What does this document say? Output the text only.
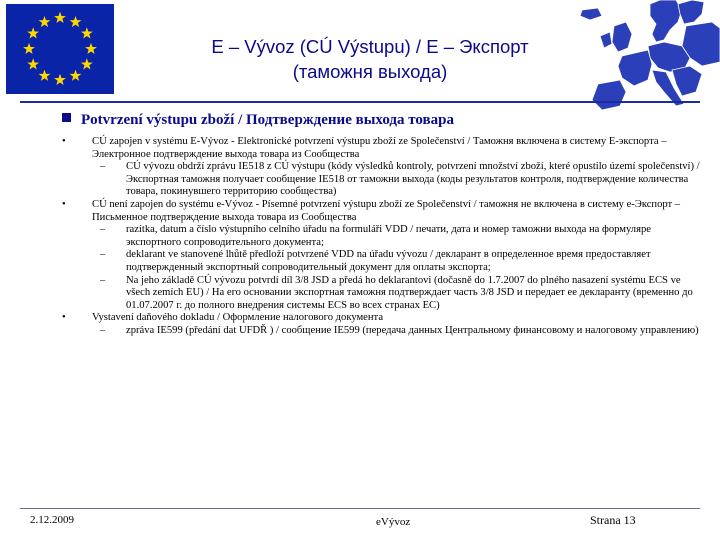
E – Vývoz (CÚ Výstupu) / E – Экспорт
(таможня выхода)
Potvrzení výstupu zboží / Подтверждение выхода товара

• CÚ zapojen v systému E-Vývoz - Elektronické potvrzení výstupu zboží ze Společenství / Таможня включена в систему Е-экспорта – Электронное подтверждение выхода товара из Сообщества

– CÚ vývozu obdrží zprávu IE518 z CÚ výstupu (kódy výsledků kontroly, potvrzení množství zboží, které opustilo území společenství) / Экспортная таможня получает сообщение IE518 от таможни выхода (коды результатов контроля, подтверждение количества товара, покинувшего территорию сообщества)

• CÚ není zapojen do systému e-Vývoz - Písemné potvrzení výstupu zboží ze Společenství / таможня не включена в систему е-Экспорт – Письменное подтверждение выхода товара из Сообщества

– razítka, datum a číslo výstupního celního úřadu na formuláři VDD / печати, дата и номер таможни выхода на формуляре экспортного сопроводительного документа;

– deklarant ve stanovené lhůtě předloží potvrzené VDD na úřadu vývozu / декларант в определенное время предоставляет подтвержденный экспортный сопроводительный документ для оплаты экспорта;

– Na jeho základě CÚ vývozu potvrdí díl 3/8 JSD a předá ho deklarantovi (dočasně do 1.7.2007 do plného nasazení systému ECS ve všech zemích EU) / На его основании экспортная таможня подтверждает часть 3/8 JSD и передает ее декларанту (временно до 01.07.2007 г. до полного внедрения системы ECS во всех странах ЕС)

• Vystavení daňového dokladu / Оформление налогового документа

– zpráva IE599 (předání dat UFDŘ ) / сообщение IE599 (передача данных Центральному финансовому и налоговому управлению)

2.12.2009	eVývoz	Strana 13
